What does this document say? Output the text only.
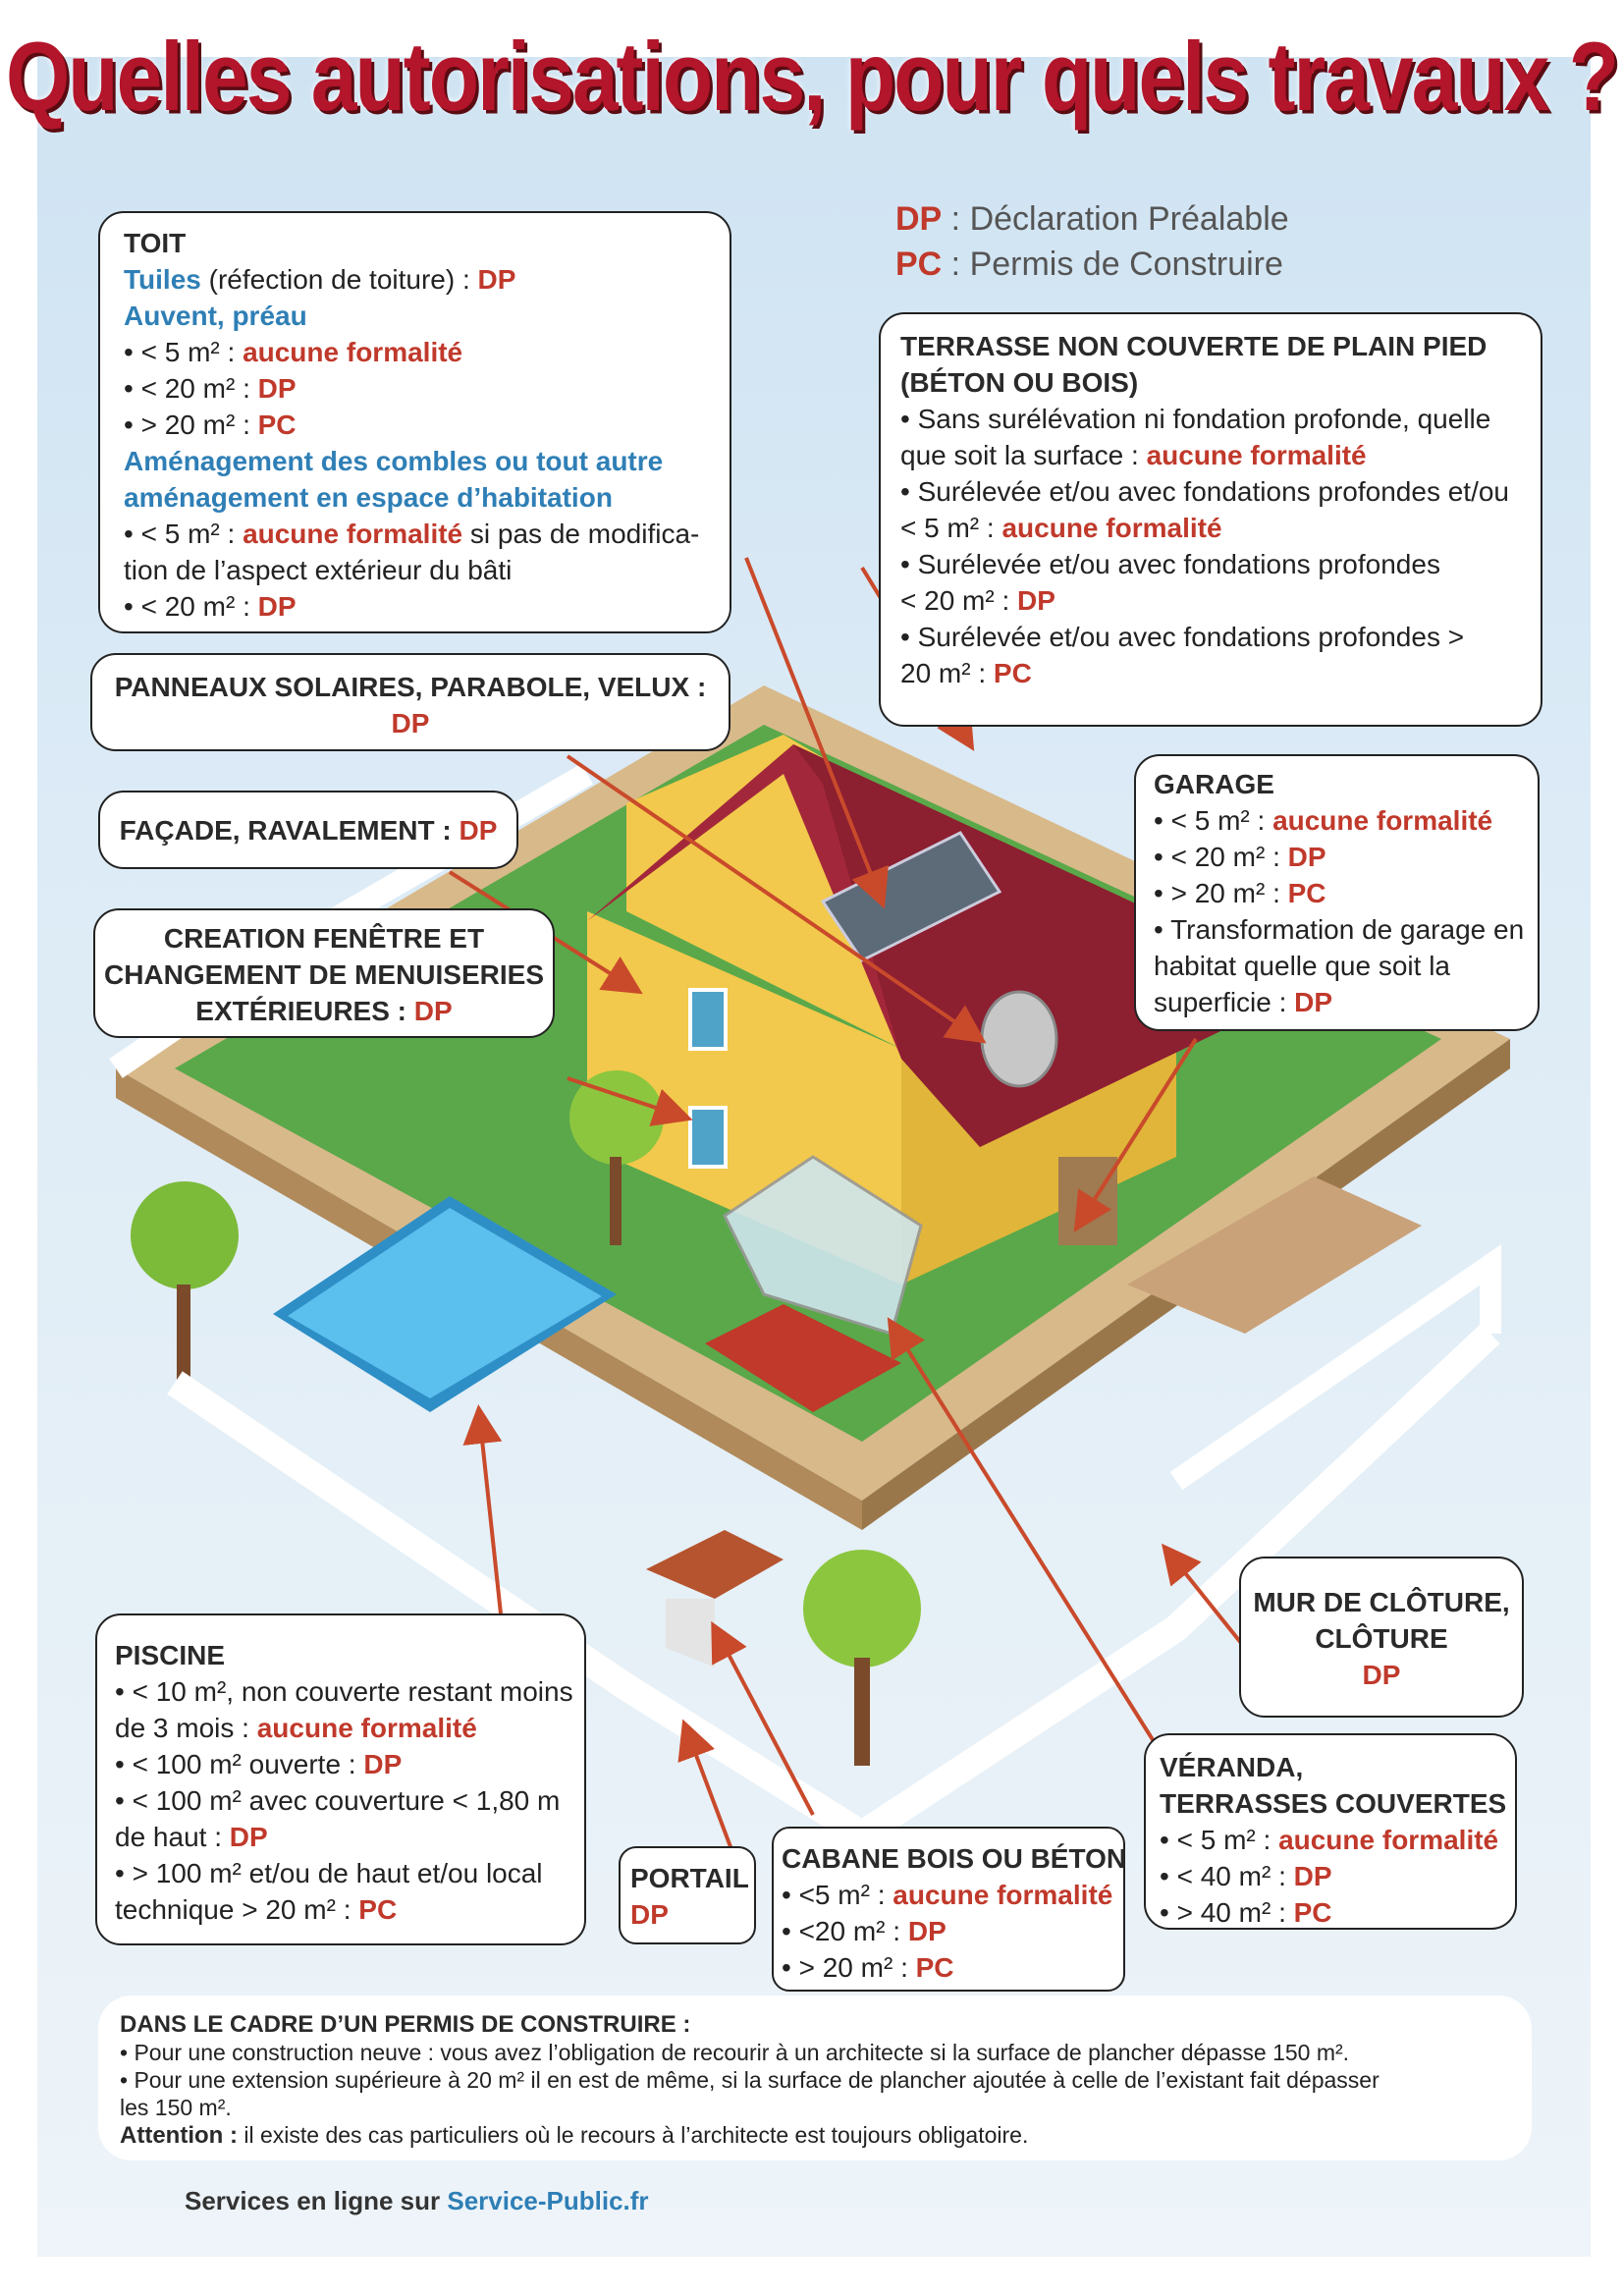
Quelles autorisations, pour quels travaux ?
DP : Déclaration Préalable
PC : Permis de Construire
TOIT
Tuiles (réfection de toiture) : DP
Auvent, préau
• < 5 m² : aucune formalité
• < 20 m² : DP
• > 20 m² : PC
Aménagement des combles ou tout autre
aménagement en espace d’habitation
• < 5 m² : aucune formalité si pas de modifica-
tion de l’aspect extérieur du bâti
• < 20 m² : DP
PANNEAUX SOLAIRES, PARABOLE, VELUX :
DP
FAÇADE, RAVALEMENT : DP
CREATION FENÊTRE ET
CHANGEMENT DE MENUISERIES
EXTÉRIEURES : DP
TERRASSE NON COUVERTE DE PLAIN PIED
(BÉTON OU BOIS)
• Sans surélévation ni fondation profonde, quelle
que soit la surface : aucune formalité
• Surélevée et/ou avec fondations profondes et/ou
< 5 m² : aucune formalité
• Surélevée et/ou avec fondations profondes
< 20 m² : DP
• Surélevée et/ou avec fondations profondes >
20 m² : PC
GARAGE
• < 5 m² : aucune formalité
• < 20 m² : DP
• > 20 m² : PC
• Transformation de garage en
habitat quelle que soit la
superficie : DP
MUR DE CLÔTURE,
CLÔTURE
DP
PISCINE
• < 10 m², non couverte restant moins
de 3 mois : aucune formalité
• < 100 m² ouverte : DP
• < 100 m² avec couverture < 1,80 m
de haut : DP
• > 100 m² et/ou de haut et/ou local
technique > 20 m² : PC
PORTAIL
DP
CABANE BOIS OU BÉTON
• <5 m² : aucune formalité
• <20 m² : DP
• > 20 m² : PC
VÉRANDA,
TERRASSES COUVERTES
• < 5 m² : aucune formalité
• < 40 m² : DP
• > 40 m² : PC
DANS LE CADRE D’UN PERMIS DE CONSTRUIRE :
• Pour une construction neuve : vous avez l’obligation de recourir à un architecte si la surface de plancher dépasse 150 m².
• Pour une extension supérieure à 20 m² il en est de même, si la surface de plancher ajoutée à celle de l’existant fait dépasser
les 150 m².
Attention : il existe des cas particuliers où le recours à l’architecte est toujours obligatoire.
Services en ligne sur Service-Public.fr
